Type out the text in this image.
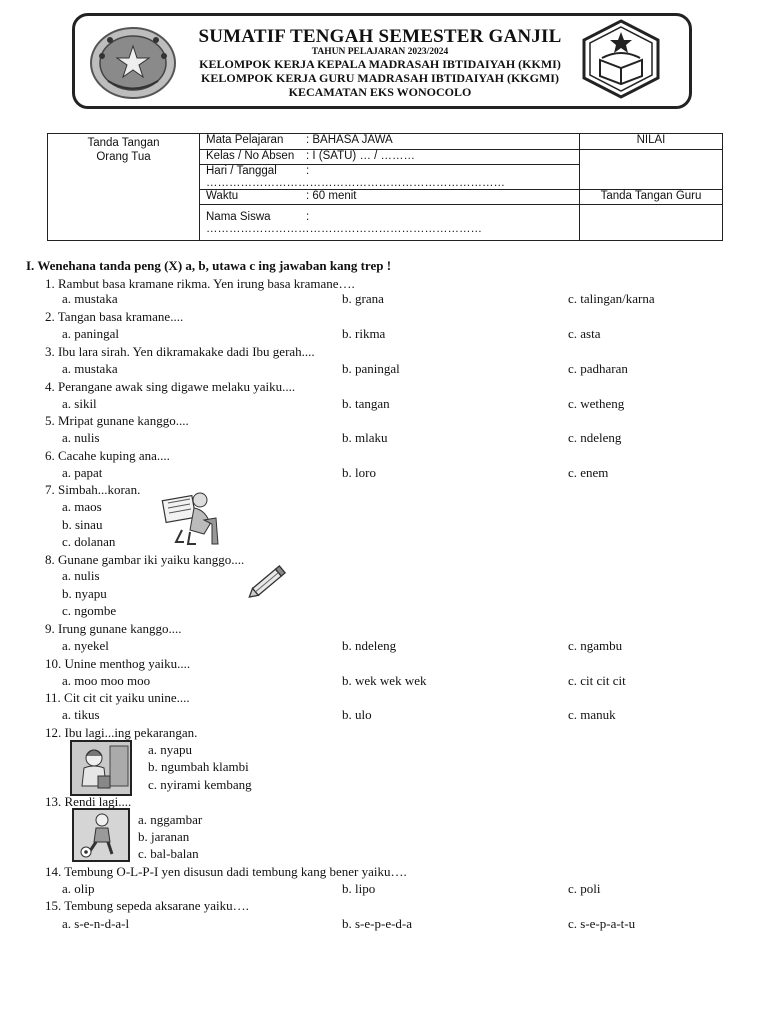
SUMATIF TENGAH SEMESTER GANJIL
TAHUN PELAJARAN 2023/2024
KELOMPOK KERJA KEPALA MADRASAH IBTIDAIYAH (KKMI)
KELOMPOK KERJA GURU MADRASAH IBTIDAIYAH (KKGMI)
KECAMATAN EKS WONOCOLO
Tanda Tangan
Orang Tua	Mata Pelajaran : BAHASA JAWA	NILAI
	Kelas / No Absen : I (SATU) … / ………	
	Hari / Tanggal : ……………………………………………………………………	
	Waktu : 60 menit	Tanda Tangan Guru
	Nama Siswa : ………………………………………………………………	
I. Wenehana tanda peng (X) a, b, utawa c ing jawaban kang trep !
1. Rambut basa kramane rikma. Yen irung basa kramane….
a. mustaka	b. grana	c. talingan/karna
2. Tangan basa kramane....
a. paningal	b. rikma	c. asta
3. Ibu lara sirah. Yen dikramakake dadi Ibu gerah....
a. mustaka	b. paningal	c. padharan
4. Perangane awak sing digawe melaku yaiku....
a. sikil	b. tangan	c. wetheng
5. Mripat gunane kanggo....
a. nulis	b. mlaku	c. ndeleng
6. Cacahe kuping ana....
a. papat	b. loro	c. enem
7. Simbah...koran.
a. maos
b. sinau
c. dolanan
8. Gunane gambar iki yaiku kanggo....
a. nulis
b. nyapu
c. ngombe
9. Irung gunane kanggo....
a. nyekel	b. ndeleng	c. ngambu
10. Unine menthog yaiku....
a. moo moo moo	b. wek wek wek	c. cit cit cit
11. Cit cit cit yaiku unine....
a. tikus	b. ulo	c. manuk
12. Ibu lagi...ing pekarangan.
a. nyapu
b. ngumbah klambi
c. nyirami kembang
13. Rendi lagi....
a. nggambar
b. jaranan
c. bal-balan
14. Tembung O-L-P-I yen disusun dadi tembung kang bener yaiku….
a. olip	b. lipo	c. poli
15. Tembung sepeda aksarane yaiku….
a. s-e-n-d-a-l	b. s-e-p-e-d-a	c. s-e-p-a-t-u
